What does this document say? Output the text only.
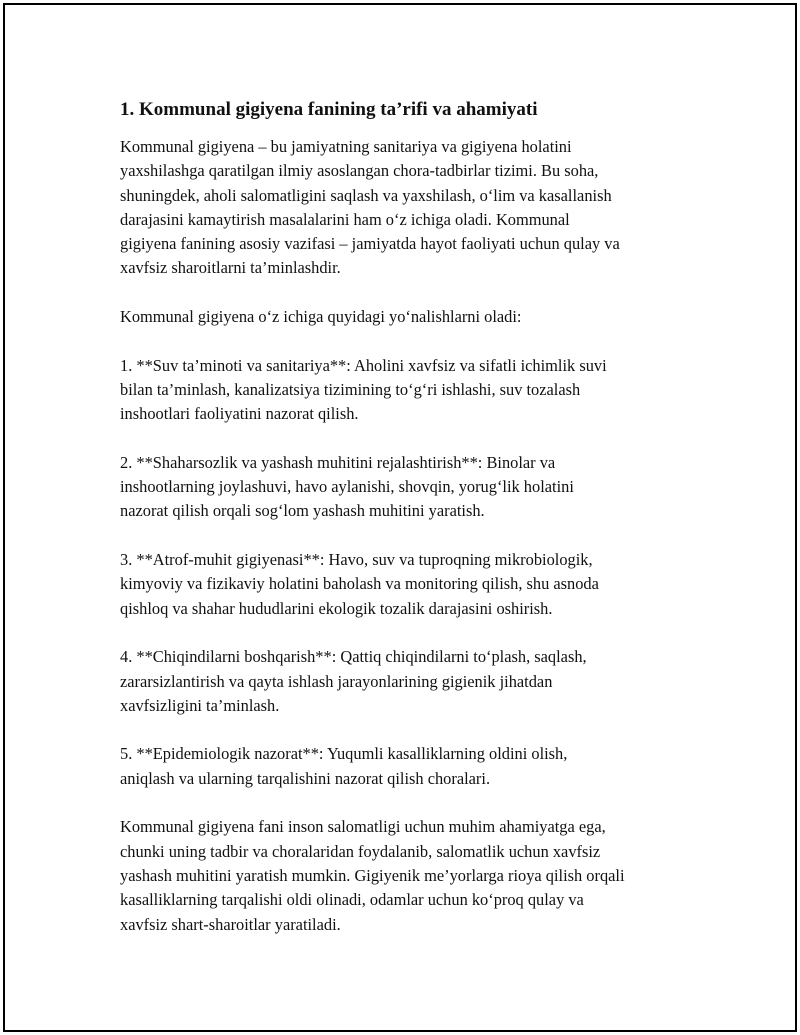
1. Kommunal gigiyena fanining ta’rifi va ahamiyati

Kommunal gigiyena – bu jamiyatning sanitariya va gigiyena holatini
yaxshilashga qaratilgan ilmiy asoslangan chora-tadbirlar tizimi. Bu soha,
shuningdek, aholi salomatligini saqlash va yaxshilash, o‘lim va kasallanish
darajasini kamaytirish masalalarini ham o‘z ichiga oladi. Kommunal
gigiyena fanining asosiy vazifasi – jamiyatda hayot faoliyati uchun qulay va
xavfsiz sharoitlarni ta’minlashdir.

Kommunal gigiyena o‘z ichiga quyidagi yo‘nalishlarni oladi:

1. **Suv ta’minoti va sanitariya**: Aholini xavfsiz va sifatli ichimlik suvi
bilan ta’minlash, kanalizatsiya tizimining to‘g‘ri ishlashi, suv tozalash
inshootlari faoliyatini nazorat qilish.

2. **Shaharsozlik va yashash muhitini rejalashtirish**: Binolar va
inshootlarning joylashuvi, havo aylanishi, shovqin, yorug‘lik holatini
nazorat qilish orqali sog‘lom yashash muhitini yaratish.

3. **Atrof-muhit gigiyenasi**: Havo, suv va tuproqning mikrobiologik,
kimyoviy va fizikaviy holatini baholash va monitoring qilish, shu asnoda
qishloq va shahar hududlarini ekologik tozalik darajasini oshirish.

4. **Chiqindilarni boshqarish**: Qattiq chiqindilarni to‘plash, saqlash,
zararsizlantirish va qayta ishlash jarayonlarining gigienik jihatdan
xavfsizligini ta’minlash.

5. **Epidemiologik nazorat**: Yuqumli kasalliklarning oldini olish,
aniqlash va ularning tarqalishini nazorat qilish choralari.

Kommunal gigiyena fani inson salomatligi uchun muhim ahamiyatga ega,
chunki uning tadbir va choralaridan foydalanib, salomatlik uchun xavfsiz
yashash muhitini yaratish mumkin. Gigiyenik me’yorlarga rioya qilish orqali
kasalliklarning tarqalishi oldi olinadi, odamlar uchun ko‘proq qulay va
xavfsiz shart-sharoitlar yaratiladi.
